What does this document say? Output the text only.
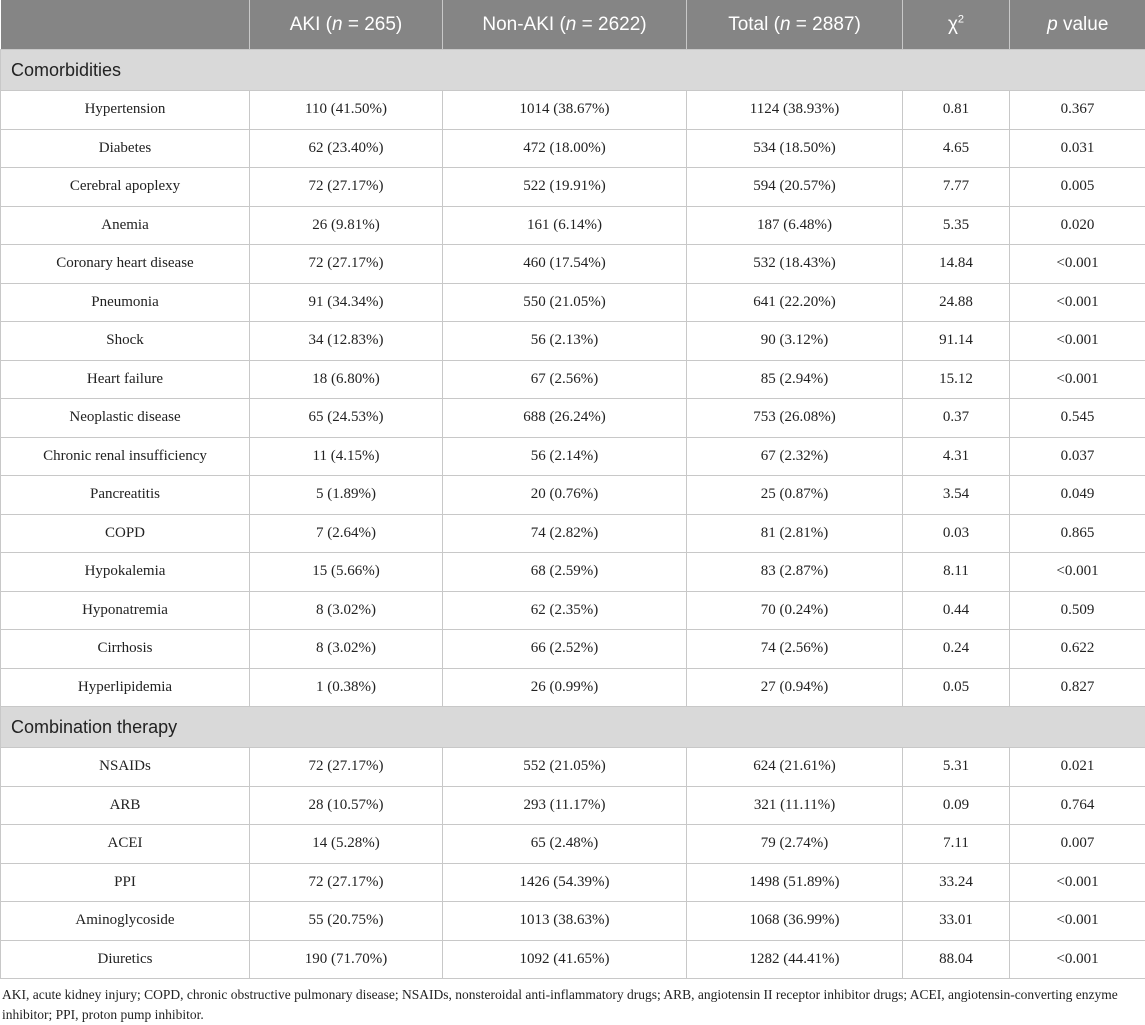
	AKI (n = 265)	Non-AKI (n = 2622)	Total (n = 2887)	$\chi^2$	p value
Comorbidities					
Hypertension	110 (41.50%)	1014 (38.67%)	1124 (38.93%)	0.81	0.367
Diabetes	62 (23.40%)	472 (18.00%)	534 (18.50%)	4.65	0.031
Cerebral apoplexy	72 (27.17%)	522 (19.91%)	594 (20.57%)	7.77	0.005
Anemia	26 (9.81%)	161 (6.14%)	187 (6.48%)	5.35	0.020
Coronary heart disease	72 (27.17%)	460 (17.54%)	532 (18.43%)	14.84	<0.001
Pneumonia	91 (34.34%)	550 (21.05%)	641 (22.20%)	24.88	<0.001
Shock	34 (12.83%)	56 (2.13%)	90 (3.12%)	91.14	<0.001
Heart failure	18 (6.80%)	67 (2.56%)	85 (2.94%)	15.12	<0.001
Neoplastic disease	65 (24.53%)	688 (26.24%)	753 (26.08%)	0.37	0.545
Chronic renal insufficiency	11 (4.15%)	56 (2.14%)	67 (2.32%)	4.31	0.037
Pancreatitis	5 (1.89%)	20 (0.76%)	25 (0.87%)	3.54	0.049
COPD	7 (2.64%)	74 (2.82%)	81 (2.81%)	0.03	0.865
Hypokalemia	15 (5.66%)	68 (2.59%)	83 (2.87%)	8.11	<0.001
Hyponatremia	8 (3.02%)	62 (2.35%)	70 (0.24%)	0.44	0.509
Cirrhosis	8 (3.02%)	66 (2.52%)	74 (2.56%)	0.24	0.622
Hyperlipidemia	1 (0.38%)	26 (0.99%)	27 (0.94%)	0.05	0.827
Combination therapy					
NSAIDs	72 (27.17%)	552 (21.05%)	624 (21.61%)	5.31	0.021
ARB	28 (10.57%)	293 (11.17%)	321 (11.11%)	0.09	0.764
ACEI	14 (5.28%)	65 (2.48%)	79 (2.74%)	7.11	0.007
PPI	72 (27.17%)	1426 (54.39%)	1498 (51.89%)	33.24	<0.001
Aminoglycoside	55 (20.75%)	1013 (38.63%)	1068 (36.99%)	33.01	<0.001
Diuretics	190 (71.70%)	1092 (41.65%)	1282 (44.41%)	88.04	<0.001
AKI, acute kidney injury; COPD, chronic obstructive pulmonary disease; NSAIDs, nonsteroidal anti-inflammatory drugs; ARB, angiotensin II receptor inhibitor drugs; ACEI, angiotensin-converting enzyme inhibitor; PPI, proton pump inhibitor.
